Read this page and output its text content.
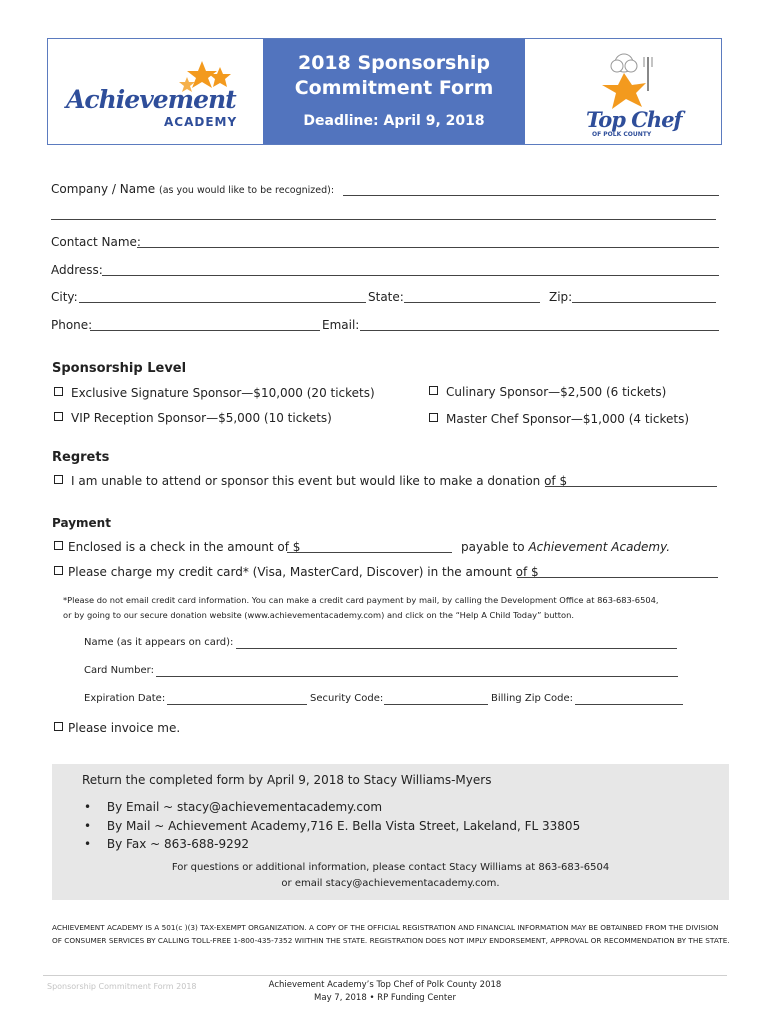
Achievement
ACADEMY
2018 Sponsorship
Commitment Form
Deadline: April 9, 2018	Top Chef
OF POLK COUNTY
Company / Name (as you would like to be recognized):
Contact Name:
Address:
City:	State:	Zip:
Phone:	Email:
Sponsorship Level
Exclusive Signature Sponsor—$10,000 (20 tickets)	Culinary Sponsor—$2,500 (6 tickets)
VIP Reception Sponsor—$5,000 (10 tickets)	Master Chef Sponsor—$1,000 (4 tickets)
Regrets
I am unable to attend or sponsor this event but would like to make a donation of $
Payment
Enclosed is a check in the amount of $	payable to Achievement Academy.
Please charge my credit card* (Visa, MasterCard, Discover) in the amount of $
*Please do not email credit card information. You can make a credit card payment by mail, by calling the Development Office at 863-683-6504,
or by going to our secure donation website (www.achievementacademy.com) and click on the “Help A Child Today” button.
Name (as it appears on card):
Card Number:
Expiration Date:	Security Code:	Billing Zip Code:
Please invoice me.
Return the completed form by April 9, 2018 to Stacy Williams-Myers
• By Email ~ stacy@achievementacademy.com
• By Mail ~ Achievement Academy,716 E. Bella Vista Street, Lakeland, FL 33805
• By Fax ~ 863-688-9292
For questions or additional information, please contact Stacy Williams at 863-683-6504
or email stacy@achievementacademy.com.
ACHIEVEMENT ACADEMY IS A 501(c )(3) TAX-EXEMPT ORGANIZATION. A COPY OF THE OFFICIAL REGISTRATION AND FINANCIAL INFORMATION MAY BE OBTAINBED FROM THE DIVISION
OF CONSUMER SERVICES BY CALLING TOLL-FREE 1-800-435-7352 WIITHIN THE STATE. REGISTRATION DOES NOT IMPLY ENDORSEMENT, APPROVAL OR RECOMMENDATION BY THE STATE.
Sponsorship Commitment Form 2018	Achievement Academy’s Top Chef of Polk County 2018
May 7, 2018 • RP Funding Center
